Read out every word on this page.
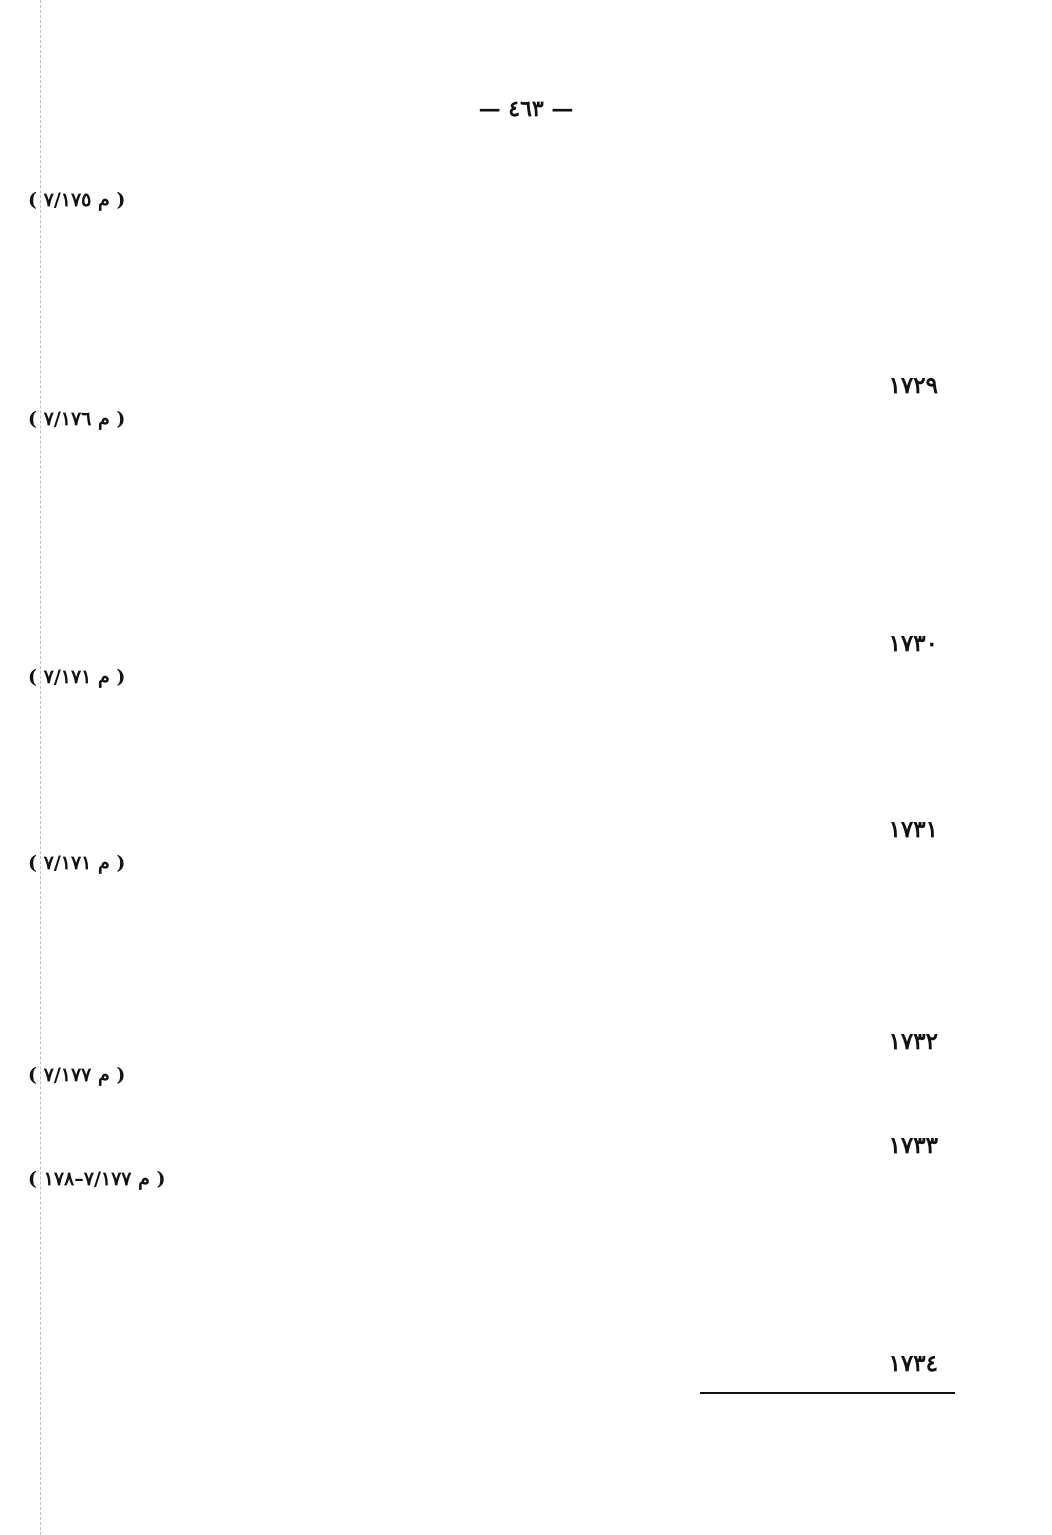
— ٤٦٣ —
( م ٧/١٧٥ )
١٧٢٩
( م ٧/١٧٦ )
١٧٣٠
( م ٧/١٧١ )
١٧٣١
( م ٧/١٧١ )
١٧٣٢
( م ٧/١٧٧ )
١٧٣٣
( م ٧/١٧٧–١٧٨ )
١٧٣٤
